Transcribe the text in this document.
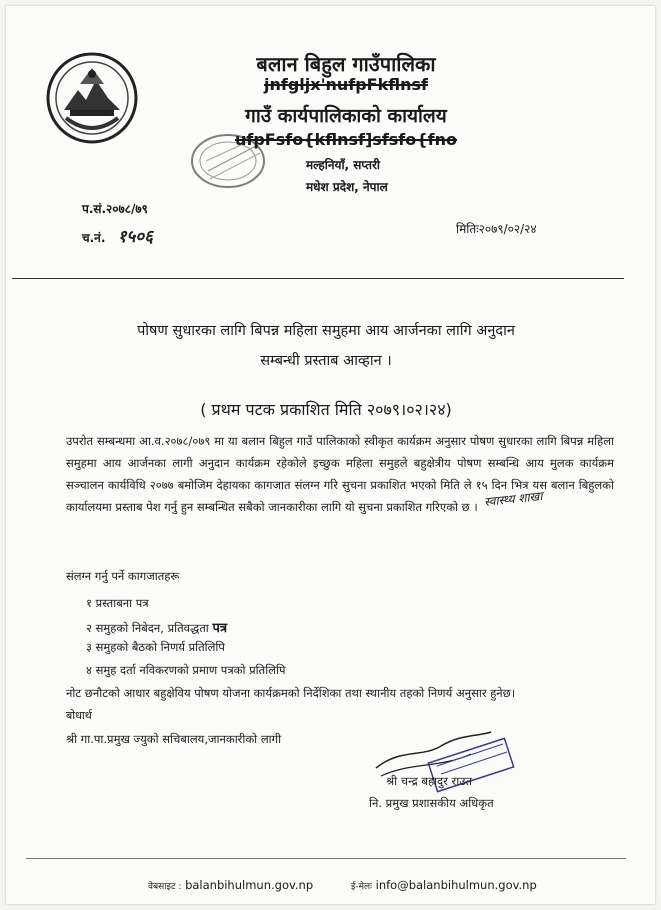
बलान बिहुल गाउँपालिका
jnfgljx'nufpFkflnsf
गाउँ कार्यपालिकाको कार्यालय
ufpFsfo{kflnsf]sfsfo{fno
मल्हनियाँ, सप्तरी
मधेश प्रदेश, नेपाल
प.सं.२०७८/७९
च.नं. १५०६	मितिः२०७९/०२/२४
पोषण सुधारका लागि बिपन्न महिला समुहमा आय आर्जनका लागि अनुदान
सम्बन्धी प्रस्ताब आव्हान ।
( प्रथम पटक प्रकाशित मिति २०७९।०२।२४)
उपरोत सम्बन्धमा आ.व.२०७८/०७९ मा या बलान बिहुल गाउँ पालिकाको स्वीकृत कार्यक्रम अनुसार पोषण सुधारका लागि बिपन्न महिला समुहमा आय आर्जनका लागी अनुदान कार्यक्रम रहेकोले इच्छुक महिला समुहले बहुक्षेत्रीय पोषण सम्बन्धि आय मुलक कार्यक्रम सञ्चालन कार्यविधि २०७७ बमोजिम देहायका कागजात संलग्न गरि सुचना प्रकाशित भएको मिति ले १५ दिन भित्र यस बलान बिहुलको कार्यालयमा प्रस्ताब पेश गर्नु हुन सम्बन्धित सबैको जानकारीका लागि यो सुचना प्रकाशित गरिएको छ । स्वास्थ्य शाखा
संलग्न गर्नु पर्ने कागजातहरू
१ प्रस्ताबना पत्र
२ समुहको निबेदन, प्रतिवद्धता पत्र
३ समुहको बैठको निणर्य प्रतिलिपि
४ समुह दर्ता नविकरणको प्रमाण पत्रको प्रतिलिपि
नोट छनौटको आधार बहुक्षेविय पोषण योजना कार्यक्रमको निर्देशिका तथा स्थानीय तहको निणर्य अनुसार हुनेछ।
बोधार्थ
श्री गा.पा.प्रमुख ज्युको सचिबालय,जानकारीको लागी
श्री चन्द्र बहादुर राउत
नि. प्रमुख प्रशासकीय अधिकृत
वेबसाइट : balanbihulmun.gov.np	ई-मेलः info@balanbihulmun.gov.np
